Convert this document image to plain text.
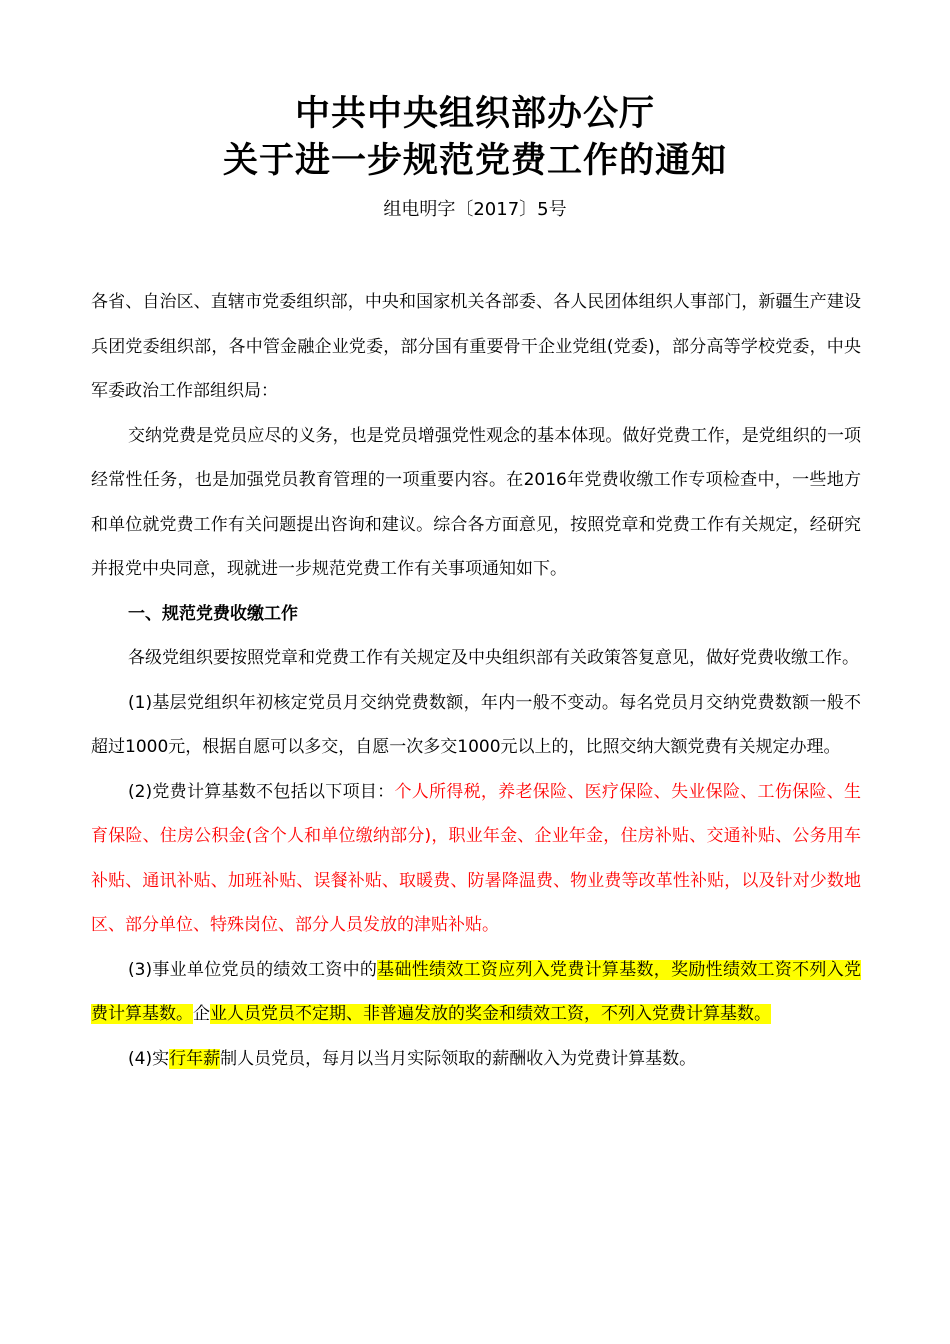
中共中央组织部办公厅
关于进一步规范党费工作的通知
组电明字〔2017〕5号

各省、自治区、直辖市党委组织部，中央和国家机关各部委、各人民团体组织人事部门，新疆生产建设兵团党委组织部，各中管金融企业党委，部分国有重要骨干企业党组(党委)，部分高等学校党委，中央军委政治工作部组织局：

交纳党费是党员应尽的义务，也是党员增强党性观念的基本体现。做好党费工作，是党组织的一项经常性任务，也是加强党员教育管理的一项重要内容。在2016年党费收缴工作专项检查中，一些地方和单位就党费工作有关问题提出咨询和建议。综合各方面意见，按照党章和党费工作有关规定，经研究并报党中央同意，现就进一步规范党费工作有关事项通知如下。

一、规范党费收缴工作

各级党组织要按照党章和党费工作有关规定及中央组织部有关政策答复意见，做好党费收缴工作。

(1)基层党组织年初核定党员月交纳党费数额，年内一般不变动。每名党员月交纳党费数额一般不超过1000元，根据自愿可以多交，自愿一次多交1000元以上的，比照交纳大额党费有关规定办理。

(2)党费计算基数不包括以下项目：个人所得税，养老保险、医疗保险、失业保险、工伤保险、生育保险、住房公积金(含个人和单位缴纳部分)，职业年金、企业年金，住房补贴、交通补贴、公务用车补贴、通讯补贴、加班补贴、误餐补贴、取暖费、防暑降温费、物业费等改革性补贴，以及针对少数地区、部分单位、特殊岗位、部分人员发放的津贴补贴。

(3)事业单位党员的绩效工资中的基础性绩效工资应列入党费计算基数，奖励性绩效工资不列入党费计算基数。企业人员党员不定期、非普遍发放的奖金和绩效工资，不列入党费计算基数。

(4)实行年薪制人员党员，每月以当月实际领取的薪酬收入为党费计算基数。
